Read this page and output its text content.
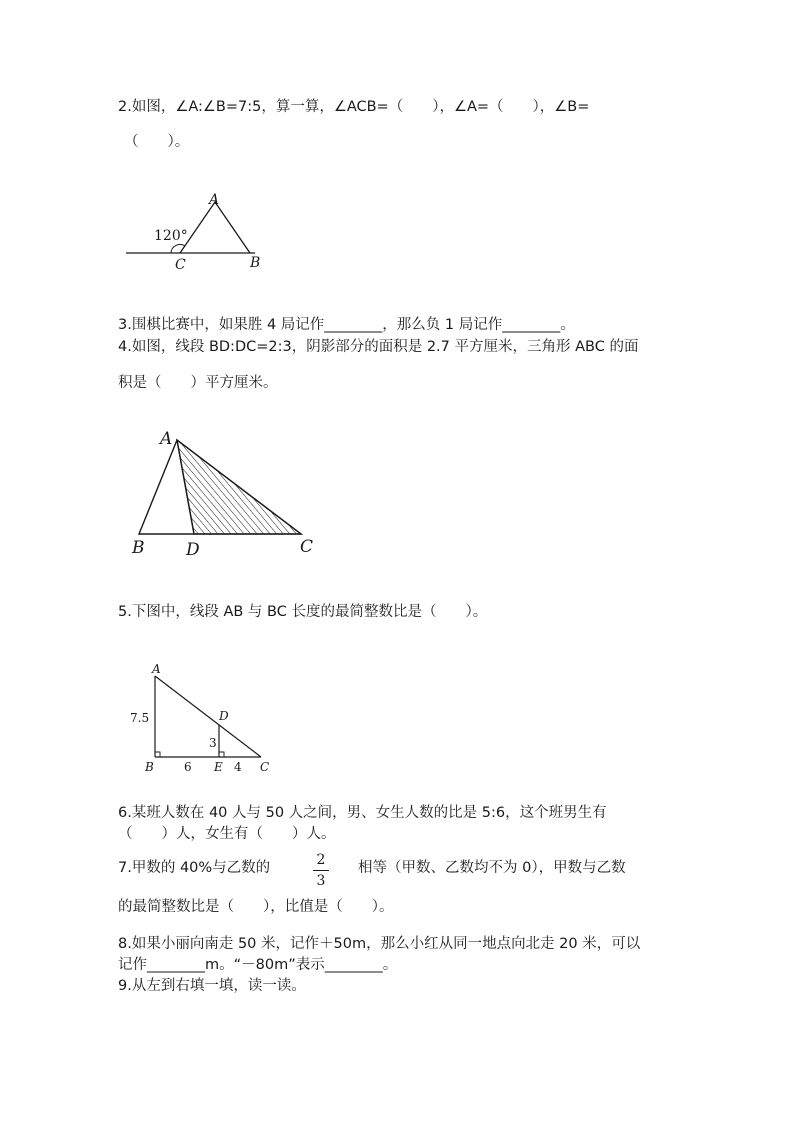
2.如图，∠A:∠B=7:5，算一算，∠ACB=（　　），∠A=（　　），∠B=
（　　）。
120°
A
C	B
3.围棋比赛中，如果胜 4 局记作________，那么负 1 局记作________。
4.如图，线段 BD:DC=2:3，阴影部分的面积是 2.7 平方厘米，三角形 ABC 的面
积是（　　）平方厘米。
A
B D	C
5.下图中，线段 AB 与 BC 长度的最简整数比是（　　）。
A
7.5	D
3
B	6 E 4 C
6.某班人数在 40 人与 50 人之间，男、女生人数的比是 5:6，这个班男生有
（　　）人，女生有（　　）人。
7.甲数的 40%与乙数的	2
3
相等（甲数、乙数均不为 0），甲数与乙数
的最简整数比是（　　），比值是（　　）。
8.如果小丽向南走 50 米，记作＋50m，那么小红从同一地点向北走 20 米，可以
记作________m。“－80m”表示________。
9.从左到右填一填，读一读。
